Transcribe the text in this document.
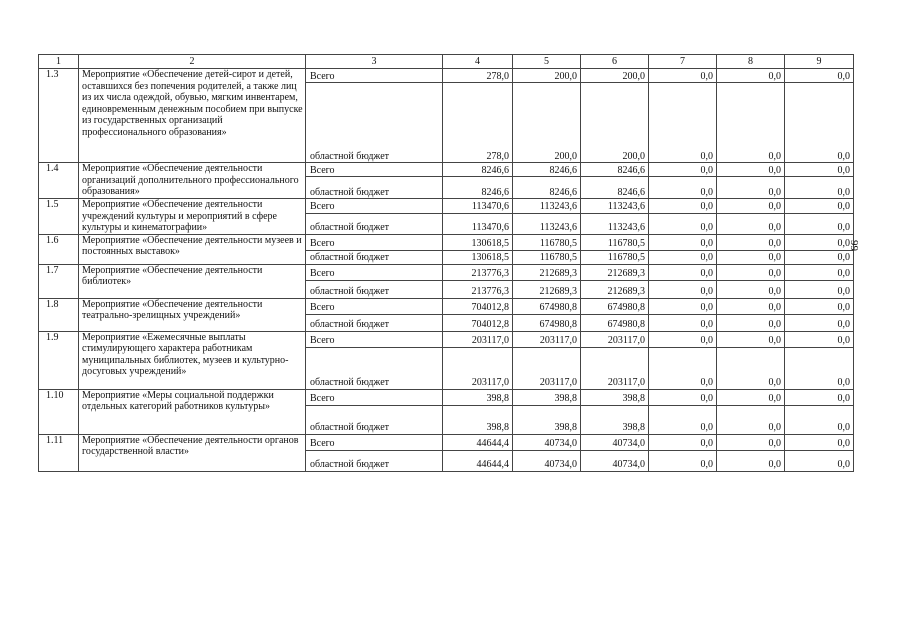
1	2	3	4	5	6	7	8	9
1.3	Мероприятие «Обеспечение детей-сирот и детей, оставшихся без попечения родителей, а также лиц из их числа одеждой, обувью, мягким инвентарем, единовременным денежным пособием при выпуске из государственных организаций профессионального образования»	Всего	278,0	200,0	200,0	0,0	0,0	0,0
		областной бюджет	278,0	200,0	200,0	0,0	0,0	0,0
1.4	Мероприятие «Обеспечение деятельности организаций дополнительного профессионального образования»	Всего	8246,6	8246,6	8246,6	0,0	0,0	0,0
		областной бюджет	8246,6	8246,6	8246,6	0,0	0,0	0,0
1.5	Мероприятие «Обеспечение деятельности учреждений культуры и мероприятий в сфере культуры и кинематографии»	Всего	113470,6	113243,6	113243,6	0,0	0,0	0,0
		областной бюджет	113470,6	113243,6	113243,6	0,0	0,0	0,0
1.6	Мероприятие «Обеспечение деятельности музеев и постоянных выставок»	Всего	130618,5	116780,5	116780,5	0,0	0,0	0,0
		областной бюджет	130618,5	116780,5	116780,5	0,0	0,0	0,0
1.7	Мероприятие «Обеспечение деятельности библиотек»	Всего	213776,3	212689,3	212689,3	0,0	0,0	0,0
		областной бюджет	213776,3	212689,3	212689,3	0,0	0,0	0,0
1.8	Мероприятие «Обеспечение деятельности театрально-зрелищных учреждений»	Всего	704012,8	674980,8	674980,8	0,0	0,0	0,0
		областной бюджет	704012,8	674980,8	674980,8	0,0	0,0	0,0
1.9	Мероприятие «Ежемесячные выплаты стимулирующего характера работникам муниципальных библиотек, музеев и культурно-досуговых учреждений»	Всего	203117,0	203117,0	203117,0	0,0	0,0	0,0
		областной бюджет	203117,0	203117,0	203117,0	0,0	0,0	0,0
1.10	Мероприятие «Меры социальной поддержки отдельных категорий работников культуры»	Всего	398,8	398,8	398,8	0,0	0,0	0,0
		областной бюджет	398,8	398,8	398,8	0,0	0,0	0,0
1.11	Мероприятие «Обеспечение деятельности органов государственной власти»	Всего	44644,4	40734,0	40734,0	0,0	0,0	0,0
		областной бюджет	44644,4	40734,0	40734,0	0,0	0,0	0,0
99
